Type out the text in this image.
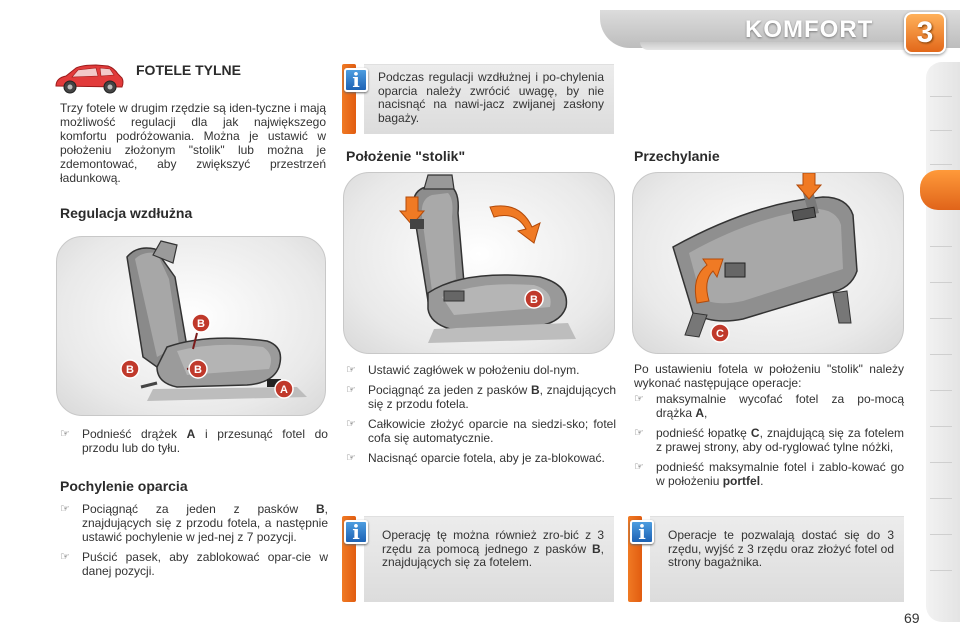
KOMFORT	3
FOTELE TYLNE
Trzy fotele w drugim rzędzie są iden-tyczne i mają możliwość regulacji dla jak największego komfortu podróżowania. Można je ustawić w położeniu złożonym "stolik" lub można je zdemontować, aby zwiększyć przestrzeń ładunkową.
Regulacja wzdłużna
B
B	B
A
☞ Podnieść drążek A i przesunąć fotel do przodu lub do tyłu.
Pochylenie oparcia
☞ Pociągnąć za jeden z pasków B, znajdujących się z przodu fotela, a następnie ustawić pochylenie w jed-nej z 7 pozycji.
☞ Puścić pasek, aby zablokować opar-cie w danej pozycji.
Podczas regulacji wzdłużnej i po-chylenia oparcia należy zwrócić uwagę, by nie nacisnąć na nawi-jacz zwijanej zasłony bagaży.
i
Położenie "stolik"
B
☞ Ustawić zagłówek w położeniu dol-nym.
☞ Pociągnąć za jeden z pasków B, znajdujących się z przodu fotela.
☞ Całkowicie złożyć oparcie na siedzi-sko; fotel cofa się automatycznie.
☞ Nacisnąć oparcie fotela, aby je za-blokować.
Operację tę można również zro-bić z 3 rzędu za pomocą jednego z pasków B, znajdujących się za fotelem.
i
Przechylanie
C
Po ustawieniu fotela w położeniu "stolik" należy wykonać następujące operacje:
☞ maksymalnie wycofać fotel za po-mocą drążka A,
☞ podnieść łopatkę C, znajdującą się za fotelem z prawej strony, aby od-ryglować tylne nóżki,
☞ podnieść maksymalnie fotel i zablo-kować go w położeniu portfel.
Operacje te pozwalają dostać się do 3 rzędu, wyjść z 3 rzędu oraz złożyć fotel od strony bagażnika.
i
69
